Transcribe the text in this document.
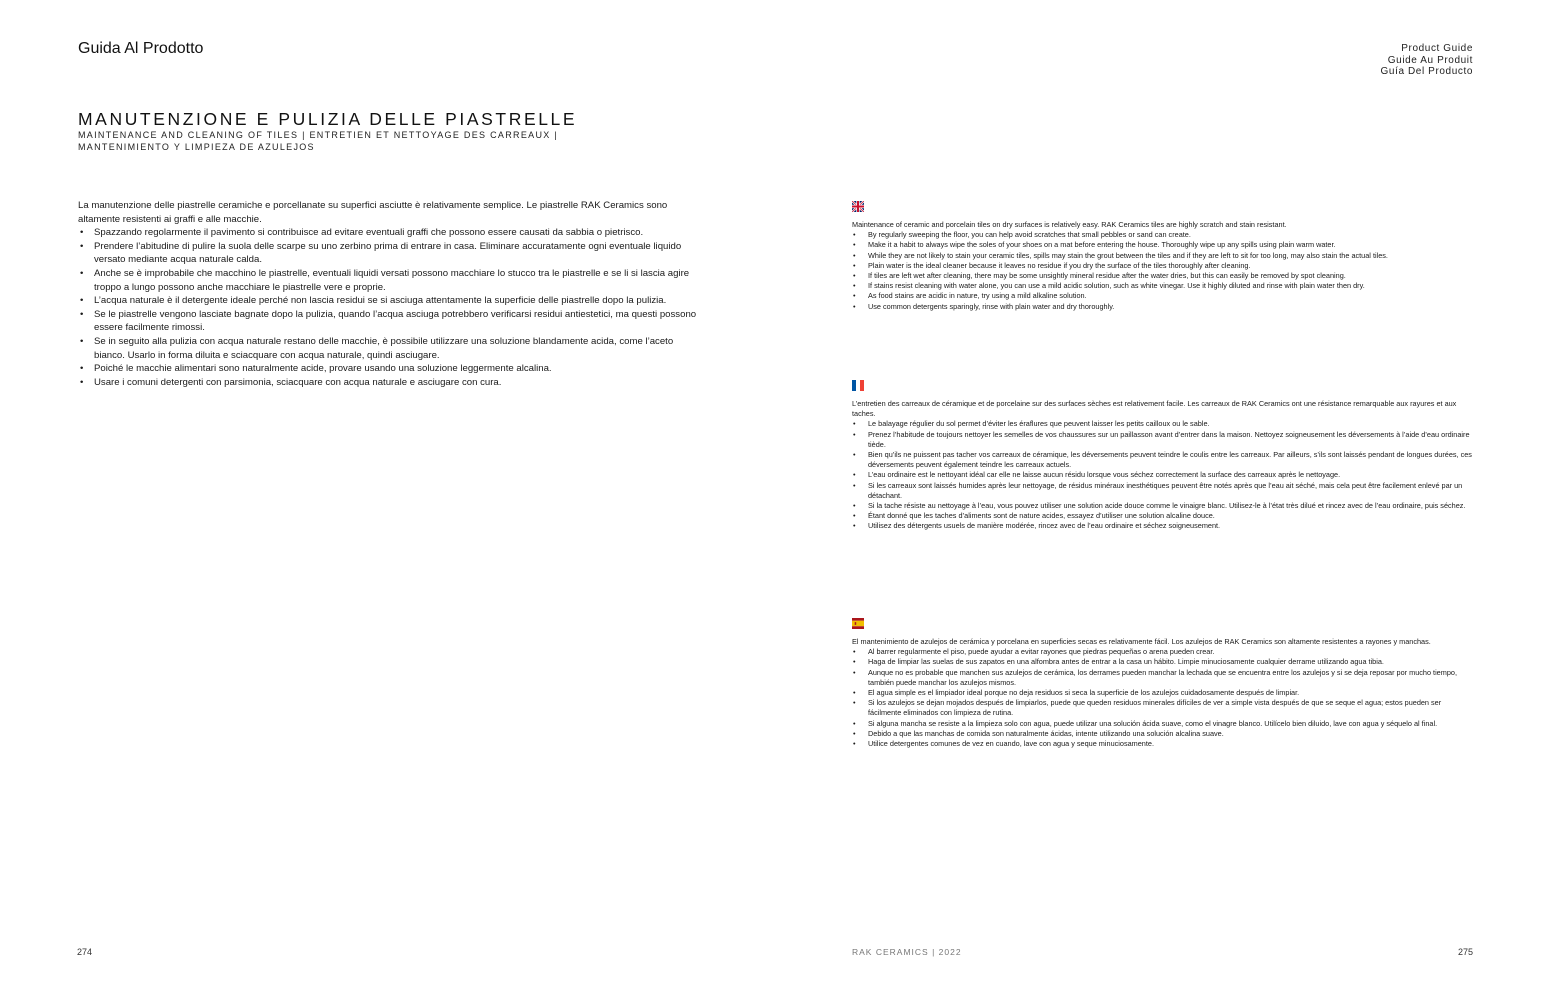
Guida Al Prodotto	Product Guide
Guide Au Produit
Guía Del Producto
MANUTENZIONE E PULIZIA DELLE PIASTRELLE
MAINTENANCE AND CLEANING OF TILES | ENTRETIEN ET NETTOYAGE DES CARREAUX | MANTENIMIENTO Y LIMPIEZA DE AZULEJOS

La manutenzione delle piastrelle ceramiche e porcellanate su superfici asciutte è relativamente semplice. Le piastrelle RAK Ceramics sono altamente resistenti ai graffi e alle macchie.

• Spazzando regolarmente il pavimento si contribuisce ad evitare eventuali graffi che possono essere causati da sabbia o pietrisco.
• Prendere l’abitudine di pulire la suola delle scarpe su uno zerbino prima di entrare in casa. Eliminare accuratamente ogni eventuale liquido versato mediante acqua naturale calda.
• Anche se è improbabile che macchino le piastrelle, eventuali liquidi versati possono macchiare lo stucco tra le piastrelle e se li si lascia agire troppo a lungo possono anche macchiare le piastrelle vere e proprie.
• L’acqua naturale è il detergente ideale perché non lascia residui se si asciuga attentamente la superficie delle piastrelle dopo la pulizia.
• Se le piastrelle vengono lasciate bagnate dopo la pulizia, quando l’acqua asciuga potrebbero verificarsi residui antiestetici, ma questi possono essere facilmente rimossi.
• Se in seguito alla pulizia con acqua naturale restano delle macchie, è possibile utilizzare una soluzione blandamente acida, come l’aceto bianco. Usarlo in forma diluita e sciacquare con acqua naturale, quindi asciugare.
• Poiché le macchie alimentari sono naturalmente acide, provare usando una soluzione leggermente alcalina.
• Usare i comuni detergenti con parsimonia, sciacquare con acqua naturale e asciugare con cura.

Maintenance of ceramic and porcelain tiles on dry surfaces is relatively easy. RAK Ceramics tiles are highly scratch and stain resistant.

• By regularly sweeping the floor, you can help avoid scratches that small pebbles or sand can create.
• Make it a habit to always wipe the soles of your shoes on a mat before entering the house. Thoroughly wipe up any spills using plain warm water.
• While they are not likely to stain your ceramic tiles, spills may stain the grout between the tiles and if they are left to sit for too long, may also stain the actual tiles.
• Plain water is the ideal cleaner because it leaves no residue if you dry the surface of the tiles thoroughly after cleaning.
• If tiles are left wet after cleaning, there may be some unsightly mineral residue after the water dries, but this can easily be removed by spot cleaning.
• If stains resist cleaning with water alone, you can use a mild acidic solution, such as white vinegar. Use it highly diluted and rinse with plain water then dry.
• As food stains are acidic in nature, try using a mild alkaline solution.
• Use common detergents sparingly, rinse with plain water and dry thoroughly.

L’entretien des carreaux de céramique et de porcelaine sur des surfaces sèches est relativement facile. Les carreaux de RAK Ceramics ont une résistance remarquable aux rayures et aux taches.

• Le balayage régulier du sol permet d’éviter les éraflures que peuvent laisser les petits cailloux ou le sable.
• Prenez l’habitude de toujours nettoyer les semelles de vos chaussures sur un paillasson avant d’entrer dans la maison. Nettoyez soigneusement les déversements à l’aide d’eau ordinaire tiède.
• Bien qu’ils ne puissent pas tacher vos carreaux de céramique, les déversements peuvent teindre le coulis entre les carreaux. Par ailleurs, s’ils sont laissés pendant de longues durées, ces déversements peuvent également teindre les carreaux actuels.
• L’eau ordinaire est le nettoyant idéal car elle ne laisse aucun résidu lorsque vous séchez correctement la surface des carreaux après le nettoyage.
• Si les carreaux sont laissés humides après leur nettoyage, de résidus minéraux inesthétiques peuvent être notés après que l’eau ait séché, mais cela peut être facilement enlevé par un détachant.
• Si la tache résiste au nettoyage à l’eau, vous pouvez utiliser une solution acide douce comme le vinaigre blanc. Utilisez-le à l’état très dilué et rincez avec de l’eau ordinaire, puis séchez.
• Étant donné que les taches d’aliments sont de nature acides, essayez d’utiliser une solution alcaline douce.
• Utilisez des détergents usuels de manière modérée, rincez avec de l’eau ordinaire et séchez soigneusement.

El mantenimiento de azulejos de cerámica y porcelana en superficies secas es relativamente fácil. Los azulejos de RAK Ceramics son altamente resistentes a rayones y manchas.

• Al barrer regularmente el piso, puede ayudar a evitar rayones que piedras pequeñas o arena pueden crear.
• Haga de limpiar las suelas de sus zapatos en una alfombra antes de entrar a la casa un hábito. Limpie minuciosamente cualquier derrame utilizando agua tibia.
• Aunque no es probable que manchen sus azulejos de cerámica, los derrames pueden manchar la lechada que se encuentra entre los azulejos y si se deja reposar por mucho tiempo, también puede manchar los azulejos mismos.
• El agua simple es el limpiador ideal porque no deja residuos si seca la superficie de los azulejos cuidadosamente después de limpiar.
• Si los azulejos se dejan mojados después de limpiarlos, puede que queden residuos minerales difíciles de ver a simple vista después de que se seque el agua; estos pueden ser fácilmente eliminados con limpieza de rutina.
• Si alguna mancha se resiste a la limpieza solo con agua, puede utilizar una solución ácida suave, como el vinagre blanco. Utilícelo bien diluido, lave con agua y séquelo al final.
• Debido a que las manchas de comida son naturalmente ácidas, intente utilizando una solución alcalina suave.
• Utilice detergentes comunes de vez en cuando, lave con agua y seque minuciosamente.
274	RAK CERAMICS | 2022	275
